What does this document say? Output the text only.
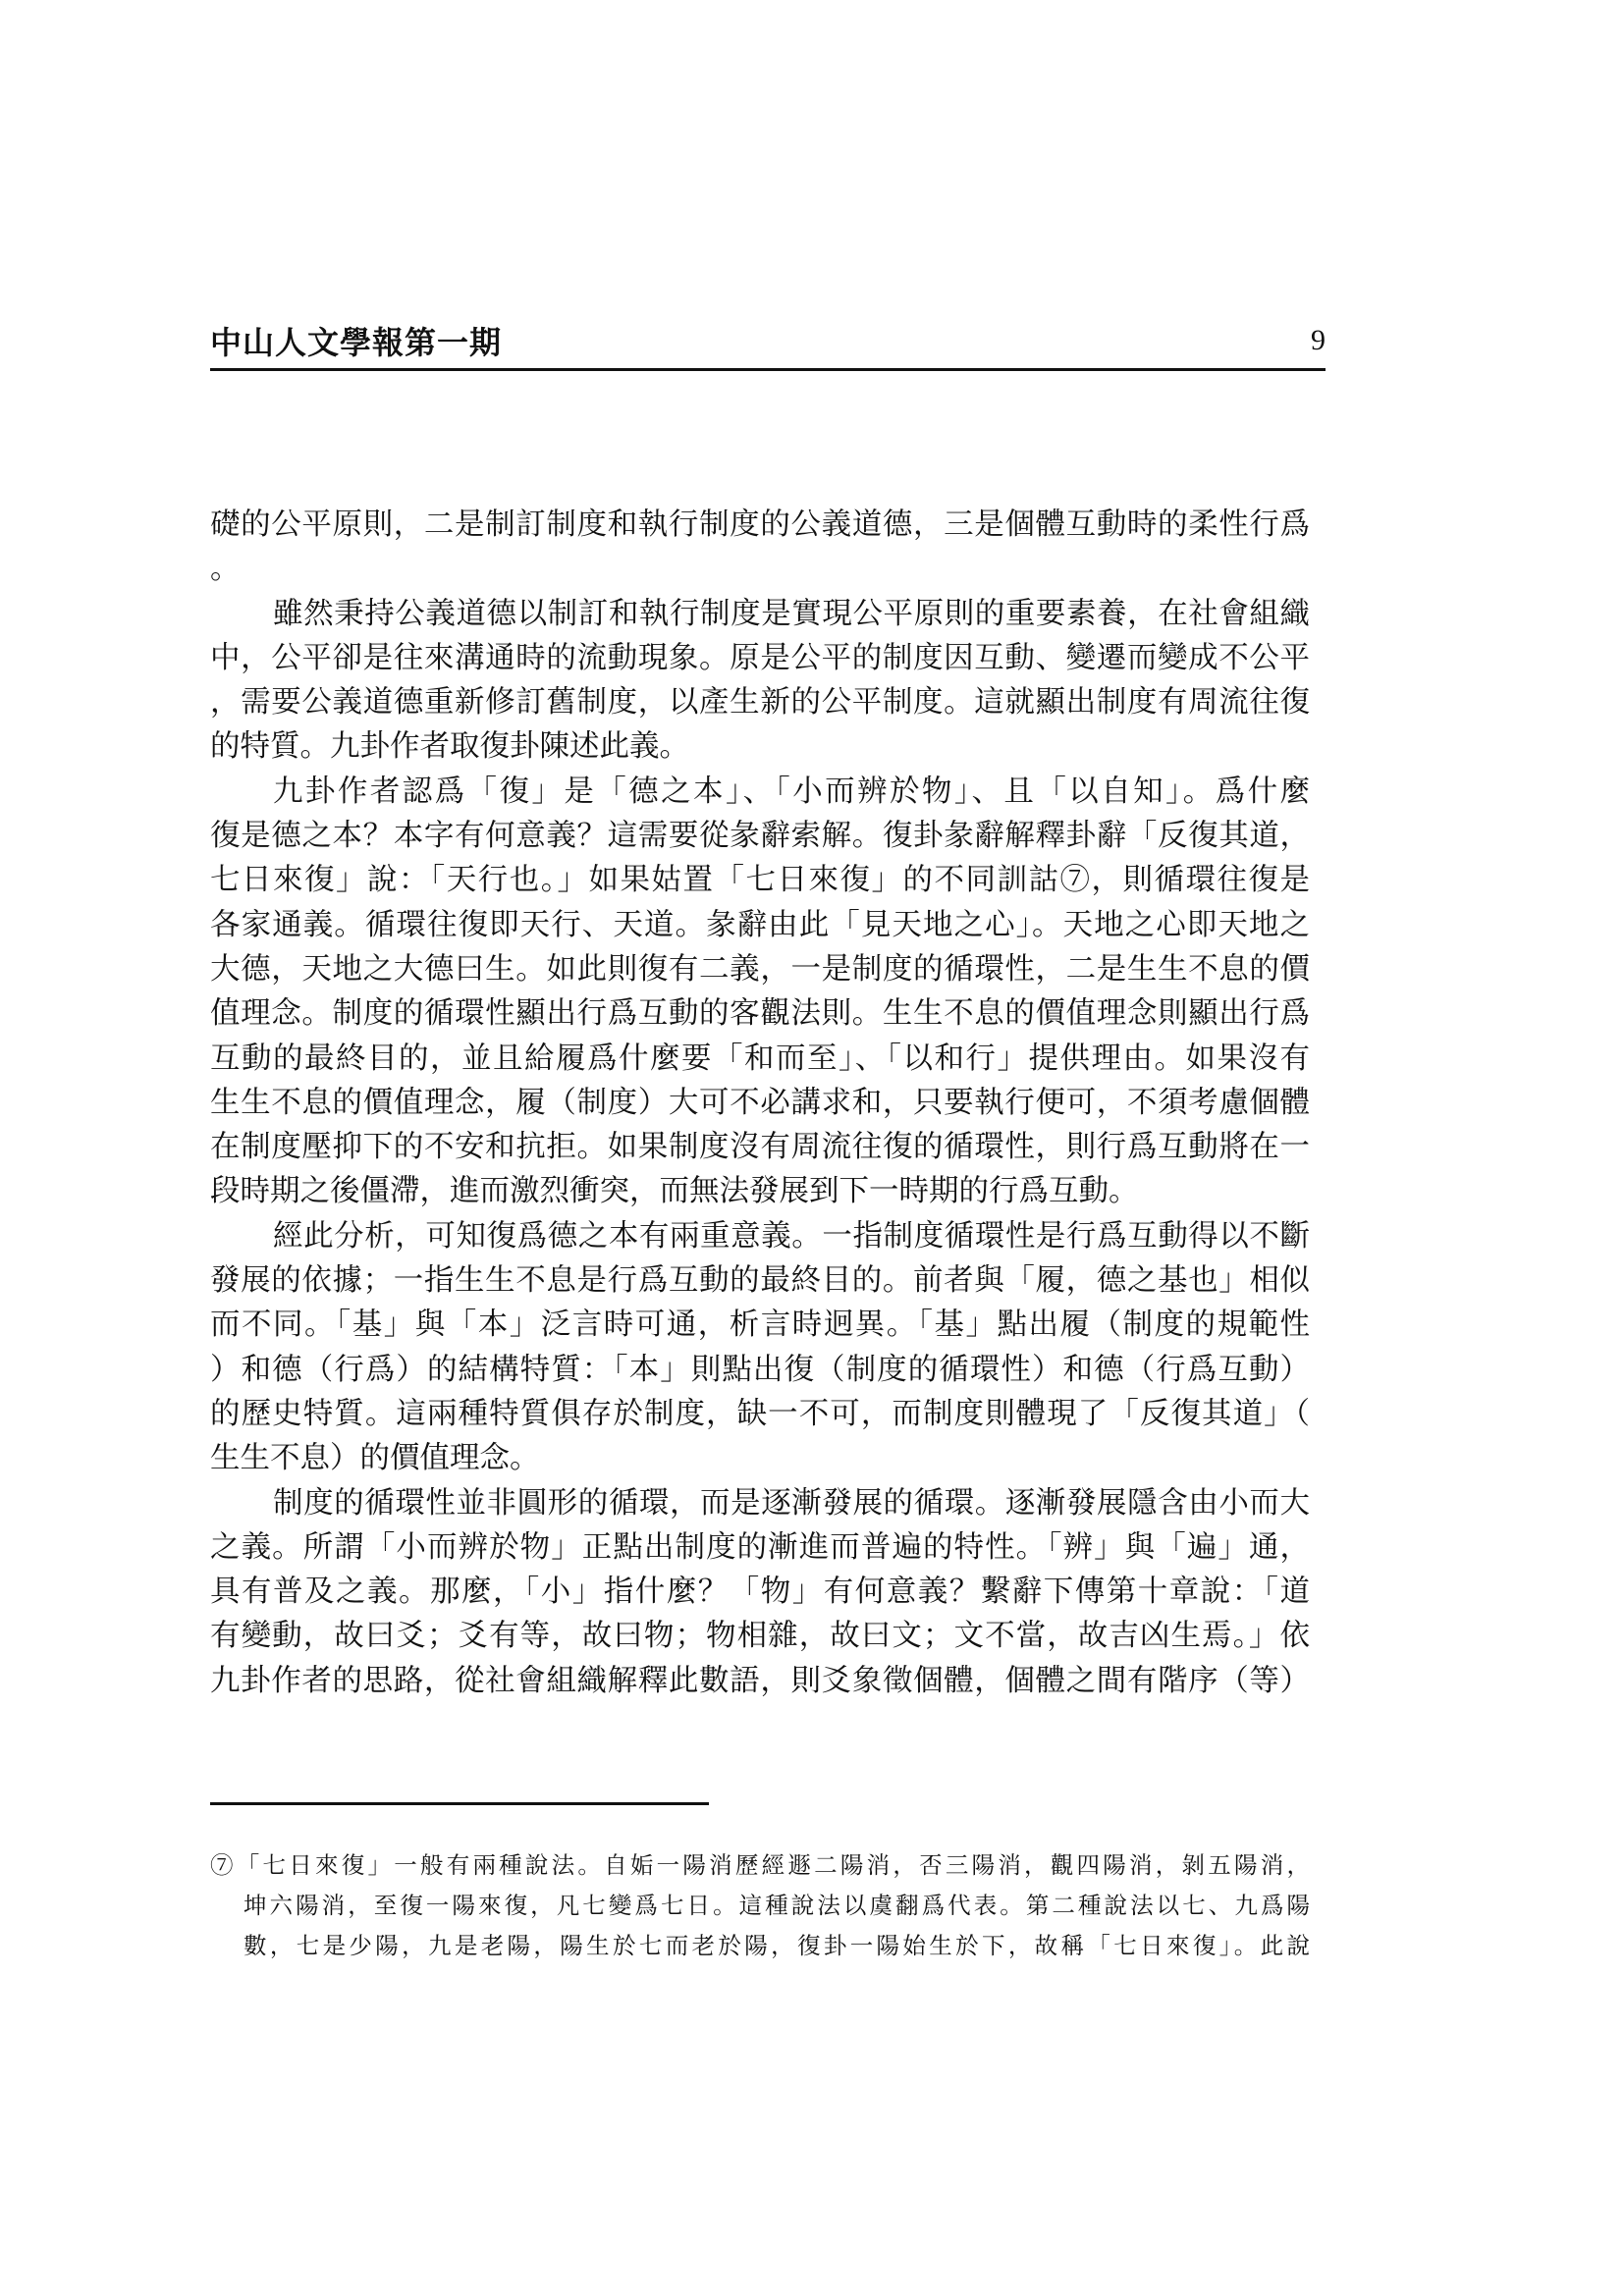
中山人文學報第一期	9
礎的公平原則，二是制訂制度和執行制度的公義道德，三是個體互動時的柔性行爲
。
雖然秉持公義道德以制訂和執行制度是實現公平原則的重要素養，在社會組織
中，公平卻是往來溝通時的流動現象。原是公平的制度因互動、變遷而變成不公平
，需要公義道德重新修訂舊制度，以產生新的公平制度。這就顯出制度有周流往復
的特質。九卦作者取復卦陳述此義。
九卦作者認爲「復」是「德之本」、「小而辨於物」、且「以自知」。爲什麼
復是德之本？本字有何意義？這需要從彖辭索解。復卦彖辭解釋卦辭「反復其道，
七日來復」說：「天行也。」如果姑置「七日來復」的不同訓詁⑦，則循環往復是
各家通義。循環往復即天行、天道。彖辭由此「見天地之心」。天地之心即天地之
大德，天地之大德曰生。如此則復有二義，一是制度的循環性，二是生生不息的價
值理念。制度的循環性顯出行爲互動的客觀法則。生生不息的價值理念則顯出行爲
互動的最終目的，並且給履爲什麼要「和而至」、「以和行」提供理由。如果沒有
生生不息的價值理念，履（制度）大可不必講求和，只要執行便可，不須考慮個體
在制度壓抑下的不安和抗拒。如果制度沒有周流往復的循環性，則行爲互動將在一
段時期之後僵滯，進而激烈衝突，而無法發展到下一時期的行爲互動。
經此分析，可知復爲德之本有兩重意義。一指制度循環性是行爲互動得以不斷
發展的依據；一指生生不息是行爲互動的最終目的。前者與「履，德之基也」相似
而不同。「基」與「本」泛言時可通，析言時迥異。「基」點出履（制度的規範性
）和德（行爲）的結構特質：「本」則點出復（制度的循環性）和德（行爲互動）
的歷史特質。這兩種特質俱存於制度，缺一不可，而制度則體現了「反復其道」（
生生不息）的價值理念。
制度的循環性並非圓形的循環，而是逐漸發展的循環。逐漸發展隱含由小而大
之義。所謂「小而辨於物」正點出制度的漸進而普遍的特性。「辨」與「遍」通，
具有普及之義。那麼，「小」指什麼？「物」有何意義？繫辭下傳第十章說：「道
有變動，故曰爻；爻有等，故曰物；物相雜，故曰文；文不當，故吉凶生焉。」依
九卦作者的思路，從社會組織解釋此數語，則爻象徵個體，個體之間有階序（等）
⑦「七日來復」一般有兩種說法。自姤一陽消歷經遯二陽消，否三陽消，觀四陽消，剝五陽消，
坤六陽消，至復一陽來復，凡七變爲七日。這種說法以虞翻爲代表。第二種說法以七、九爲陽
數，七是少陽，九是老陽，陽生於七而老於陽，復卦一陽始生於下，故稱「七日來復」。此說
